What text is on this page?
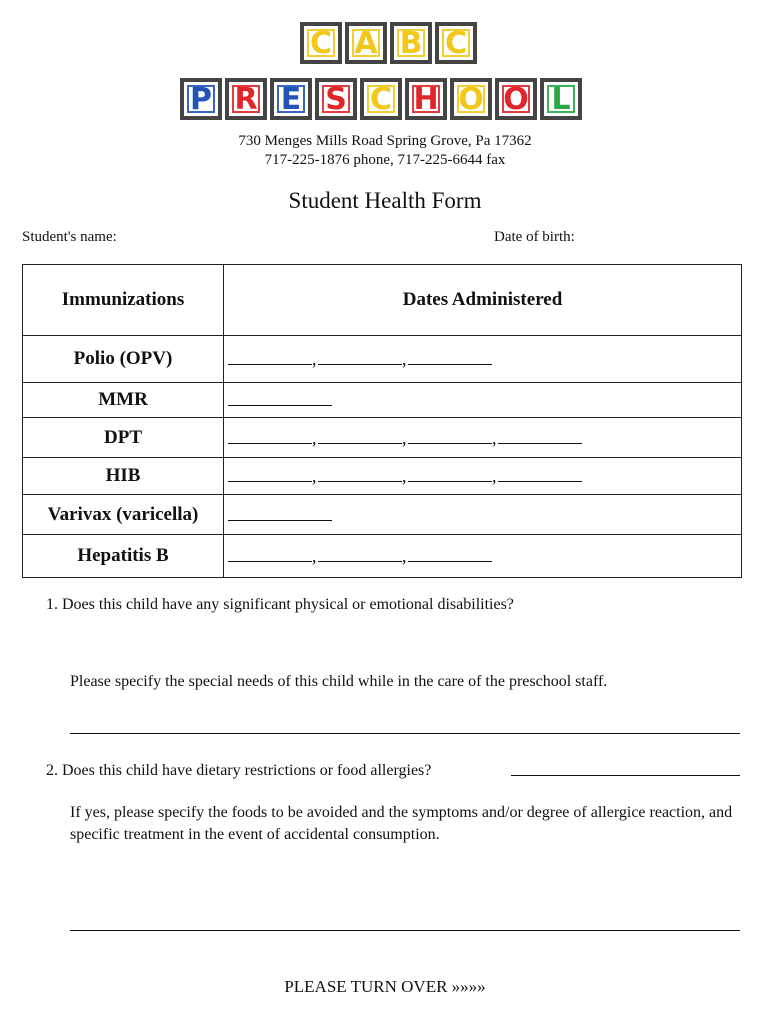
C A B C
P R E S C H O O L
730 Menges Mills Road Spring Grove, Pa 17362
717-225-1876 phone, 717-225-6644 fax
Student Health Form
Student's name:	Date of birth:
Immunizations	Dates Administered
Polio (OPV)	, ,
MMR	
DPT	, , ,
HIB	, , ,
Varivax (varicella)	
Hepatitis B	, ,
1. Does this child have any significant physical or emotional disabilities?
Please specify the special needs of this child while in the care of the preschool staff.
2. Does this child have dietary restrictions or food allergies?
If yes, please specify the foods to be avoided and the symptoms and/or degree of allergice reaction, and specific treatment in the event of accidental consumption.
PLEASE TURN OVER »»»»
